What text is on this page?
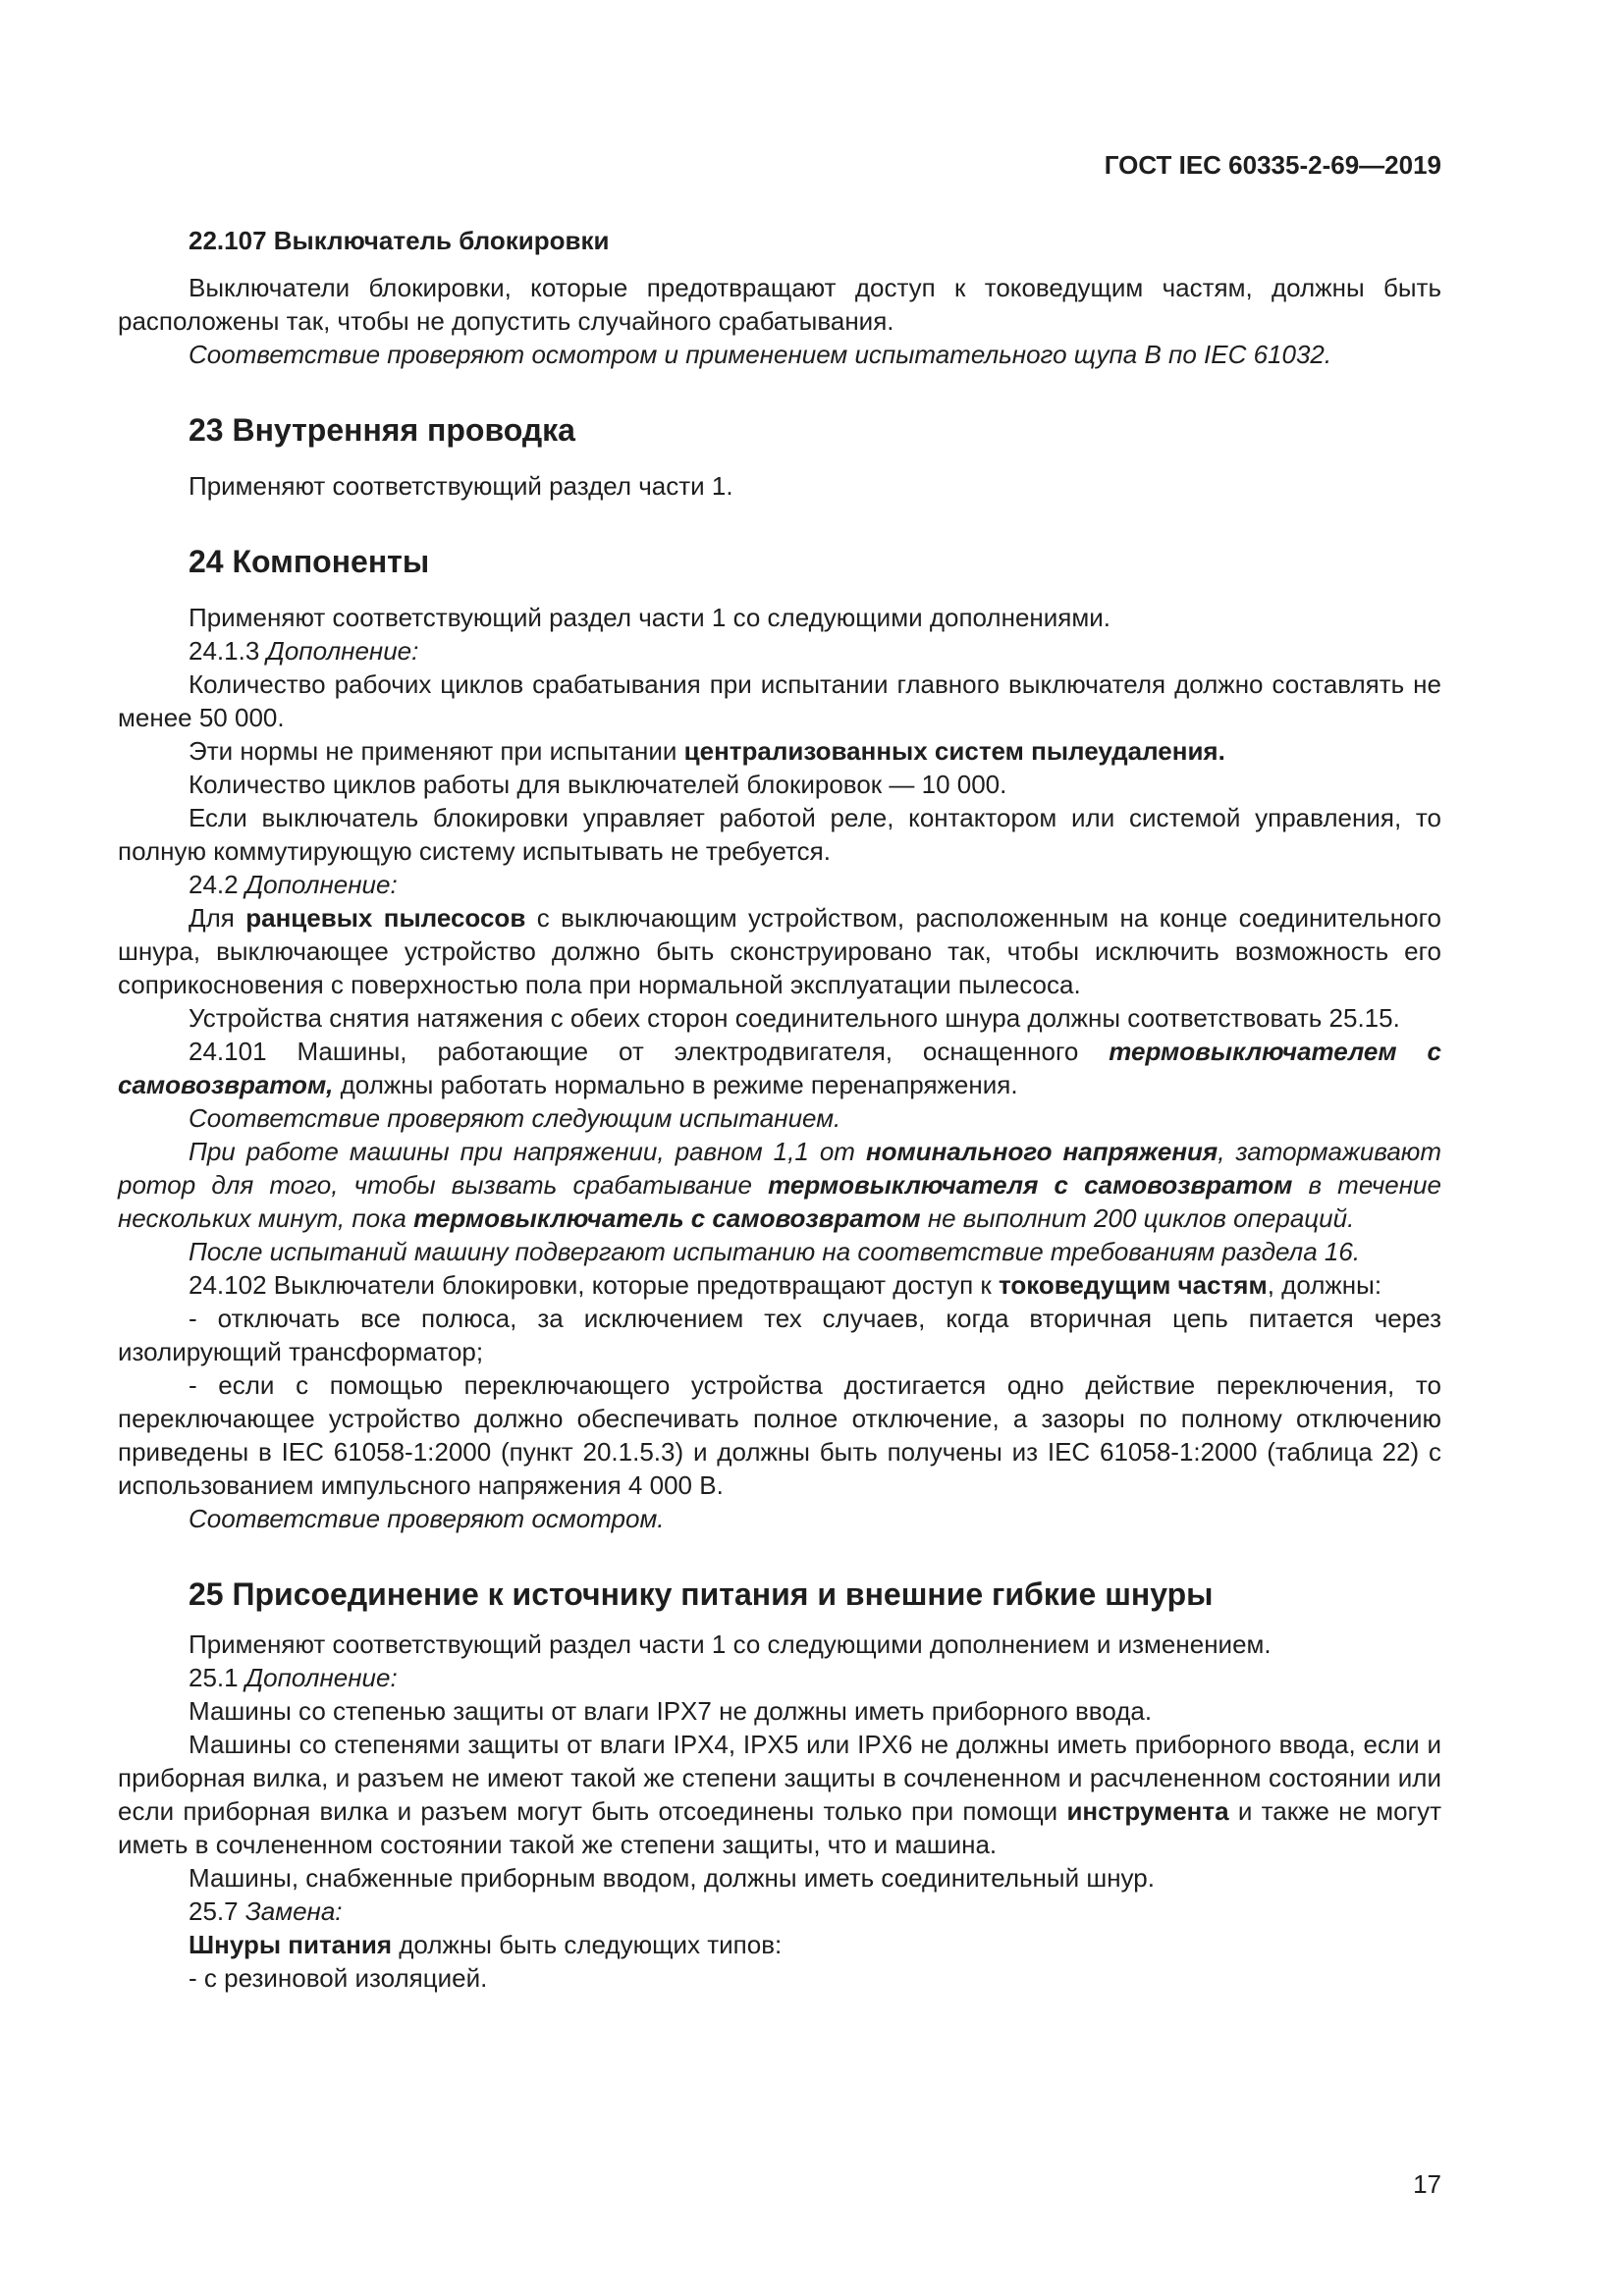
ГОСТ IEC 60335-2-69—2019

22.107 Выключатель блокировки

Выключатели блокировки, которые предотвращают доступ к токоведущим частям, должны быть расположены так, чтобы не допустить случайного срабатывания.

Соответствие проверяют осмотром и применением испытательного щупа B по IEC 61032.

23 Внутренняя проводка

Применяют соответствующий раздел части 1.

24 Компоненты

Применяют соответствующий раздел части 1 со следующими дополнениями.

24.1.3 Дополнение:

Количество рабочих циклов срабатывания при испытании главного выключателя должно составлять не менее 50 000.

Эти нормы не применяют при испытании централизованных систем пылеудаления.

Количество циклов работы для выключателей блокировок — 10 000.

Если выключатель блокировки управляет работой реле, контактором или системой управления, то полную коммутирующую систему испытывать не требуется.

24.2 Дополнение:

Для ранцевых пылесосов с выключающим устройством, расположенным на конце соединительного шнура, выключающее устройство должно быть сконструировано так, чтобы исключить возможность его соприкосновения с поверхностью пола при нормальной эксплуатации пылесоса.

Устройства снятия натяжения с обеих сторон соединительного шнура должны соответствовать 25.15.

24.101 Машины, работающие от электродвигателя, оснащенного термовыключателем с самовозвратом, должны работать нормально в режиме перенапряжения.

Соответствие проверяют следующим испытанием.

При работе машины при напряжении, равном 1,1 от номинального напряжения, затормаживают ротор для того, чтобы вызвать срабатывание термовыключателя с самовозвратом в течение нескольких минут, пока термовыключатель с самовозвратом не выполнит 200 циклов операций.

После испытаний машину подвергают испытанию на соответствие требованиям раздела 16.

24.102 Выключатели блокировки, которые предотвращают доступ к токоведущим частям, должны:

- отключать все полюса, за исключением тех случаев, когда вторичная цепь питается через изолирующий трансформатор;

- если с помощью переключающего устройства достигается одно действие переключения, то переключающее устройство должно обеспечивать полное отключение, а зазоры по полному отключению приведены в IEC 61058-1:2000 (пункт 20.1.5.3) и должны быть получены из IEC 61058-1:2000 (таблица 22) с использованием импульсного напряжения 4 000 В.

Соответствие проверяют осмотром.

25 Присоединение к источнику питания и внешние гибкие шнуры

Применяют соответствующий раздел части 1 со следующими дополнением и изменением.

25.1 Дополнение:

Машины со степенью защиты от влаги IPX7 не должны иметь приборного ввода.

Машины со степенями защиты от влаги IPX4, IPX5 или IPX6 не должны иметь приборного ввода, если и приборная вилка, и разъем не имеют такой же степени защиты в сочлененном и расчлененном состоянии или если приборная вилка и разъем могут быть отсоединены только при помощи инструмента и также не могут иметь в сочлененном состоянии такой же степени защиты, что и машина.

Машины, снабженные приборным вводом, должны иметь соединительный шнур.

25.7 Замена:

Шнуры питания должны быть следующих типов:

- с резиновой изоляцией.

17
